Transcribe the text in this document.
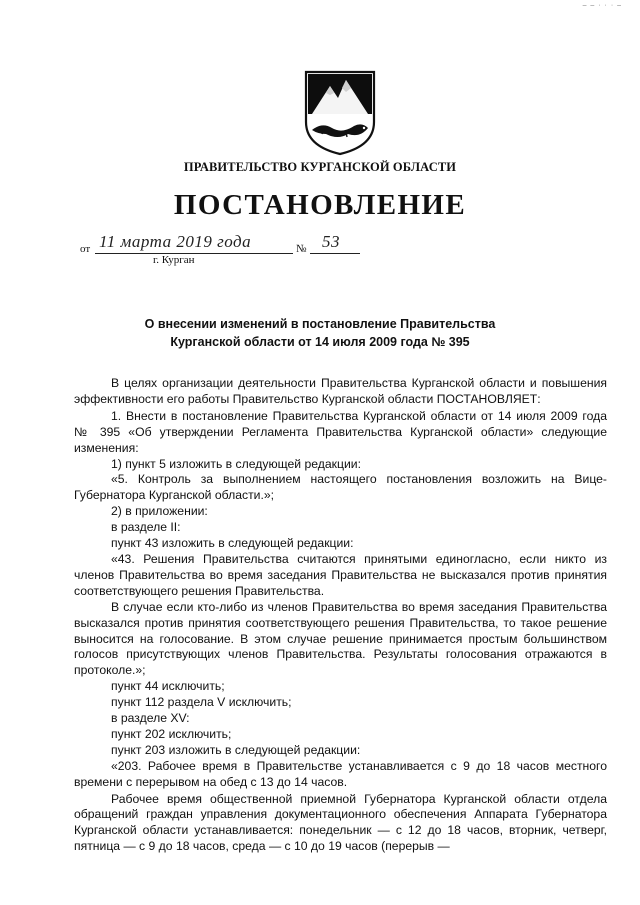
– – · · · –
ПРАВИТЕЛЬСТВО КУРГАНСКОЙ ОБЛАСТИ
ПОСТАНОВЛЕНИЕ
от 11 марта 2019 года	№ 53
г. Курган
О внесении изменений в постановление Правительства
Курганской области от 14 июля 2009 года № 395

В целях организации деятельности Правительства Курганской области и повышения эффективности его работы Правительство Курганской области ПОСТАНОВЛЯЕТ:

1. Внести в постановление Правительства Курганской области от 14 июля 2009 года № 395 «Об утверждении Регламента Правительства Курганской области» следующие изменения:

1) пункт 5 изложить в следующей редакции:

«5. Контроль за выполнением настоящего постановления возложить на Вице-Губернатора Курганской области.»;

2) в приложении:

в разделе II:

пункт 43 изложить в следующей редакции:

«43. Решения Правительства считаются принятыми единогласно, если никто из членов Правительства во время заседания Правительства не высказался против принятия соответствующего решения Правительства.

В случае если кто-либо из членов Правительства во время заседания Правительства высказался против принятия соответствующего решения Правительства, то такое решение выносится на голосование. В этом случае решение принимается простым большинством голосов присутствующих членов Правительства. Результаты голосования отражаются в протоколе.»;

пункт 44 исключить;

пункт 112 раздела V исключить;

в разделе XV:

пункт 202 исключить;

пункт 203 изложить в следующей редакции:

«203. Рабочее время в Правительстве устанавливается с 9 до 18 часов местного времени с перерывом на обед с 13 до 14 часов.

Рабочее время общественной приемной Губернатора Курганской области отдела обращений граждан управления документационного обеспечения Аппарата Губернатора Курганской области устанавливается: понедельник — с 12 до 18 часов, вторник, четверг, пятница — с 9 до 18 часов, среда — с 10 до 19 часов (перерыв —
